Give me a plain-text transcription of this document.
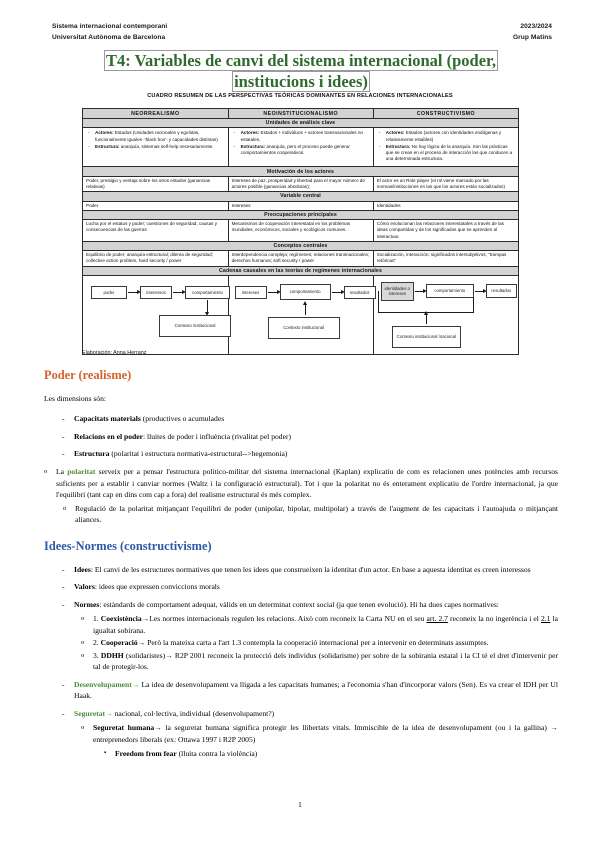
Sistema internacional contemporani
Universitat Autònoma de Barcelona
2023/2024
Grup Matins
T4: Variables de canvi del sistema internacional (poder, institucions i idees)
CUADRO RESUMEN DE LAS PERSPECTIVAS TEÓRICAS DOMINANTES EN RELACIONES INTERNACIONALES
NEORREALISMO	NEOINSTITUCIONALISMO	CONSTRUCTIVISMO
Unidades de análisis clave		

- Actores: Estados (Unidades racionales y egoístas, funcionalmente iguales -'black box'- y capacidades distintas)
- Estructura: anarquía, sistemas self-help necesariamente.

- Actores: Estados + individuos + actores transnacionales no estatales.
- Estructura: anarquía, pero el proceso puede generar comportamientos cooperativos.

- Actores: Estados (actores con identidades endógenas y relativamente estables)
- Estructura: No hay lógica de la anarquía. Son las prácticas que se crean en el proceso de interacción las que conducen a una determinada estructura.

Motivación de los actores		
Poder, prestigio y ventaja sobre los otros estados (ganancias relativas)	Intereses de paz, prosperidad y libertad para el mayor número de actores posible (ganancias absolutas);	El actor es un Role player (el rol viene marcado por las normas/instituciones en las que los actores están socializados)
Variable central		
Poder	Intereses	Identidades
Preocupaciones principales		
Lucha por el estatus y poder; cuestiones de seguridad; causas y consecuencias de las guerras	Mecanismos de cooperación interestatal en los problemas mundiales, económicos, sociales y ecológicos comunes.	Cómo evolucionan las relaciones interestatales a través de las ideas compartidas y de los significados que se aprenden al interactuar.
Conceptos centrales		
Equilibrio de poder; anarquía estructural; dilema de seguridad; collective action problem, hard security / power	Interdependencia compleja; regímenes; relaciones transnacionales; derechos humanos; soft security / power	Socialización, interacción; significados intersubjetivos; "trampas retóricas"
Cadenas causales en las teorías de regímenes internacionales		

poder	interessos	comportamiento
Contexto institucional

intereses	comportamiento	resultados
Contexto institucional

identidades o intereses
comportamiento	resultados
Contexto institucional /nacional
Elaboración: Anna Herranz
Poder (realisme)

Les dimensions són:

- Capacitats materials (productives o acumulades
- Relacions en el poder: lluites de poder i influència (rivalitat pel poder)
- Estructura (polaritat i estructura normativa-estructural-->hegemonia)
o La polaritat serveix per a pensar l'estructura politico-militar del sistema internacional (Kaplan) explicatiu de com es relacionen unes potències amb recursos suficients per a establir i canviar normes (Waltz i la configuració estructural). Tot i que la polaritat no és enterament explicatiu de l'ordre internacional, ja que l'equilibri (tant cap en dins com cap a fora) del realisme estructural és més complex.
o Regulació de la polaritat mitjançant l'equilibri de poder (unipolar, bipolar, multipolar) a través de l'augment de les capacitats i l'autoajuda o mitjançant aliances.
Idees-Normes (constructivisme)
- Idees: El canvi de les estructures normatives que tenen les idees que construeixen la identitat d'un actor. En base a aquesta identitat es creen interessos
- Valors: idees que expressen conviccions morals
- Normes: estàndards de comportament adequat, vàlids en un determinat context social (ja que tenen evolució). Hi ha dues capes normatives:
o 1. Coexistència→Les normes internacionals regulen les relacions. Això com reconeix la Carta NU en el seu art. 2.7 reconeix la no ingerència i el 2.1 la igualtat sobirana.
o 2. Cooperació→ Però la mateixa carta a l'art 1.3 contempla la cooperació internacional per a intervenir en determinats assumptes.
o 3. DDHH (solidaristes)→ R2P 2001 reconeix la protecció dels individus (solidarisme) per sobre de la sobirania estatal i la CI té el dret d'intervenir per tal de protegir-los.
- Desenvolupament→ La idea de desenvolupament va lligada a les capacitats humanes; a l'economia s'han d'incorporar valors (Sen). Es va crear el IDH per Ul Haak.
- Seguretat→ nacional, col·lectiva, individual (desenvolupament?)
o Seguretat humana→ la seguretat humana significa protegir les llibertats vitals. Immiscible de la idea de desenvolupament (ou i la gallina) → entreprenedors liberals (ex: Ottawa 1997 i R2P 2005)
▪ Freedom from fear (lluita contra la violència)
1
